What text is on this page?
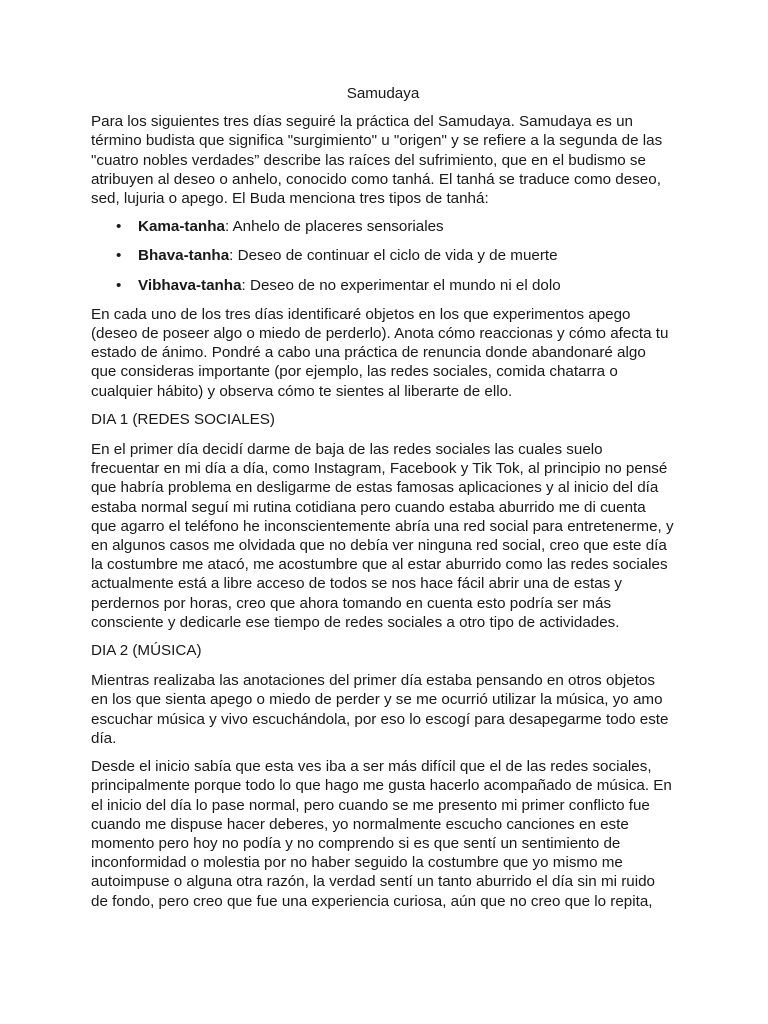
Samudaya

Para los siguientes tres días seguiré la práctica del Samudaya. Samudaya es un término budista que significa "surgimiento" u "origen" y se refiere a la segunda de las "cuatro nobles verdades” describe las raíces del sufrimiento, que en el budismo se atribuyen al deseo o anhelo, conocido como tanhá. El tanhá se traduce como deseo, sed, lujuria o apego. El Buda menciona tres tipos de tanhá:

• Kama-tanha: Anhelo de placeres sensoriales
• Bhava-tanha: Deseo de continuar el ciclo de vida y de muerte
• Vibhava-tanha: Deseo de no experimentar el mundo ni el dolo

En cada uno de los tres días identificaré objetos en los que experimentos apego (deseo de poseer algo o miedo de perderlo). Anota cómo reaccionas y cómo afecta tu estado de ánimo. Pondré a cabo una práctica de renuncia donde abandonaré algo que consideras importante (por ejemplo, las redes sociales, comida chatarra o cualquier hábito) y observa cómo te sientes al liberarte de ello.

DIA 1 (REDES SOCIALES)

En el primer día decidí darme de baja de las redes sociales las cuales suelo frecuentar en mi día a día, como Instagram, Facebook y Tik Tok, al principio no pensé que habría problema en desligarme de estas famosas aplicaciones y al inicio del día estaba normal seguí mi rutina cotidiana pero cuando estaba aburrido me di cuenta que agarro el teléfono he inconscientemente abría una red social para entretenerme, y en algunos casos me olvidada que no debía ver ninguna red social, creo que este día la costumbre me atacó, me acostumbre que al estar aburrido como las redes sociales actualmente está a libre acceso de todos se nos hace fácil abrir una de estas y perdernos por horas, creo que ahora tomando en cuenta esto podría ser más consciente y dedicarle ese tiempo de redes sociales a otro tipo de actividades.

DIA 2 (MÚSICA)

Mientras realizaba las anotaciones del primer día estaba pensando en otros objetos en los que sienta apego o miedo de perder y se me ocurrió utilizar la música, yo amo escuchar música y vivo escuchándola, por eso lo escogí para desapegarme todo este día.

Desde el inicio sabía que esta ves iba a ser más difícil que el de las redes sociales, principalmente porque todo lo que hago me gusta hacerlo acompañado de música. En el inicio del día lo pase normal, pero cuando se me presento mi primer conflicto fue cuando me dispuse hacer deberes, yo normalmente escucho canciones en este momento pero hoy no podía y no comprendo si es que sentí un sentimiento de inconformidad o molestia por no haber seguido la costumbre que yo mismo me autoimpuse o alguna otra razón, la verdad sentí un tanto aburrido el día sin mi ruido de fondo, pero creo que fue una experiencia curiosa, aún que no creo que lo repita,
